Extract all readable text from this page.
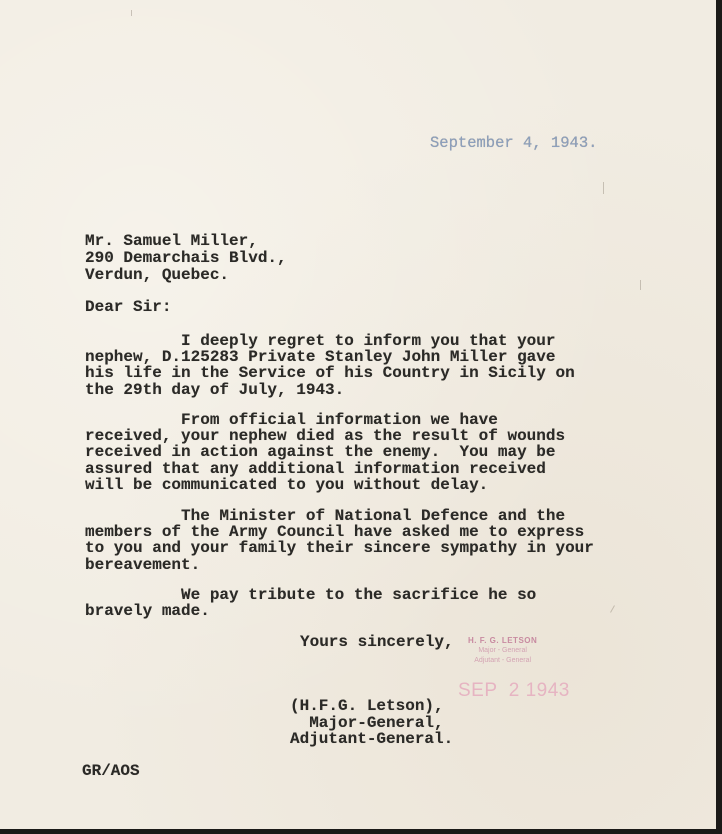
September 4, 1943.
Mr. Samuel Miller,
290 Demarchais Blvd.,
Verdun, Quebec.
Dear Sir:
I deeply regret to inform you that your
nephew, D.125283 Private Stanley John Miller gave
his life in the Service of his Country in Sicily on
the 29th day of July, 1943.
From official information we have
received, your nephew died as the result of wounds
received in action against the enemy.  You may be
assured that any additional information received
will be communicated to you without delay.
The Minister of National Defence and the
members of the Army Council have asked me to express
to you and your family their sincere sympathy in your
bereavement.
We pay tribute to the sacrifice he so
bravely made.
Yours sincerely, H. F. G. LETSON
Major - General
Adjutant - General
SEP  2 1943
(H.F.G. Letson),
Major-General,
Adjutant-General.
GR/AOS
